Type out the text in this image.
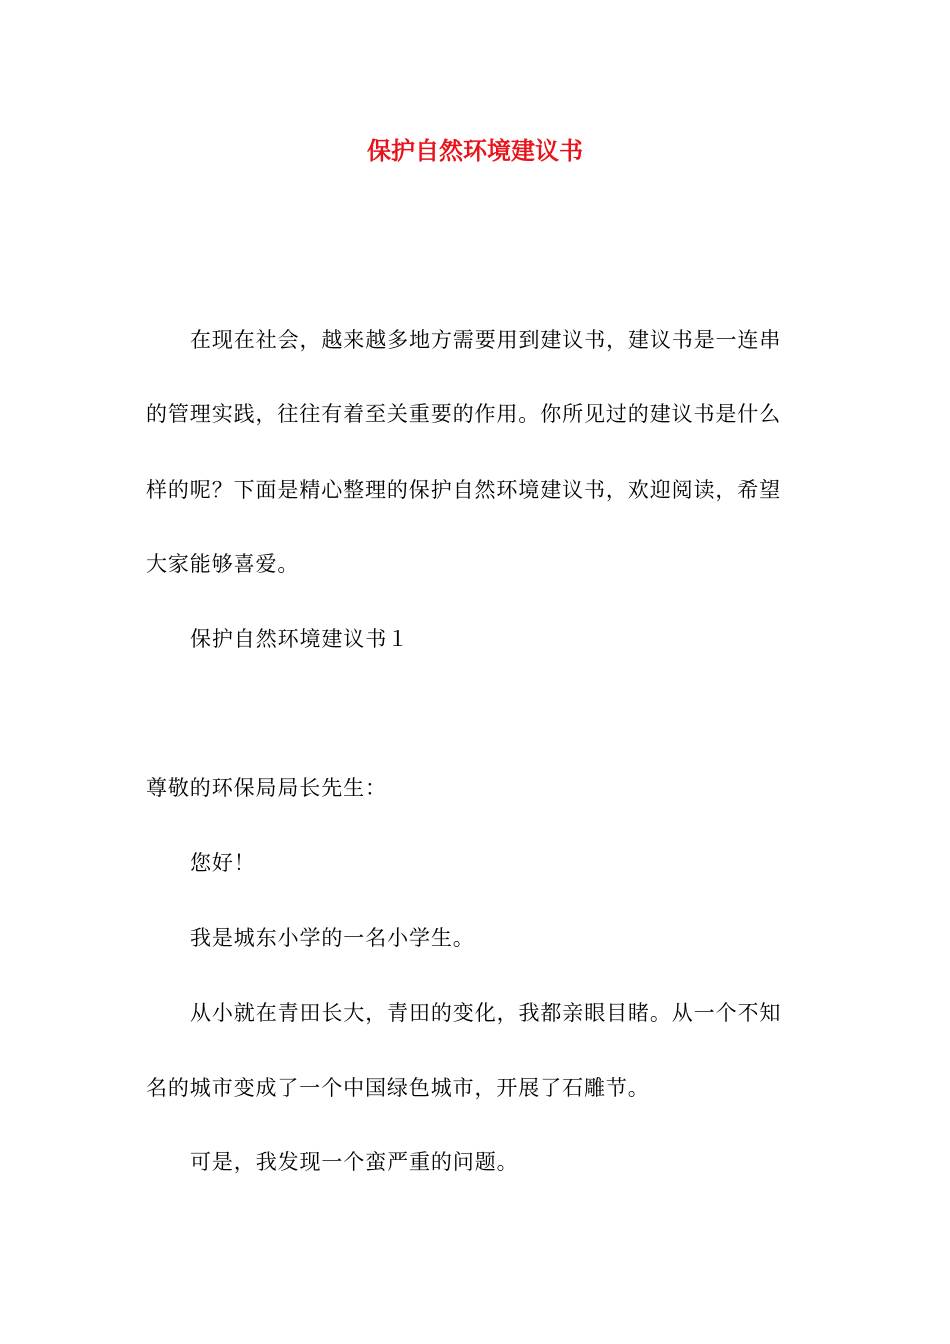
保护自然环境建议书
在现在社会，越来越多地方需要用到建议书，建议书是一连串
的管理实践，往往有着至关重要的作用。你所见过的建议书是什么
样的呢？下面是精心整理的保护自然环境建议书，欢迎阅读，希望
大家能够喜爱。
保护自然环境建议书１
尊敬的环保局局长先生：
您好！
我是城东小学的一名小学生。
从小就在青田长大，青田的变化，我都亲眼目睹。从一个不知
名的城市变成了一个中国绿色城市，开展了石雕节。
可是，我发现一个蛮严重的问题。
